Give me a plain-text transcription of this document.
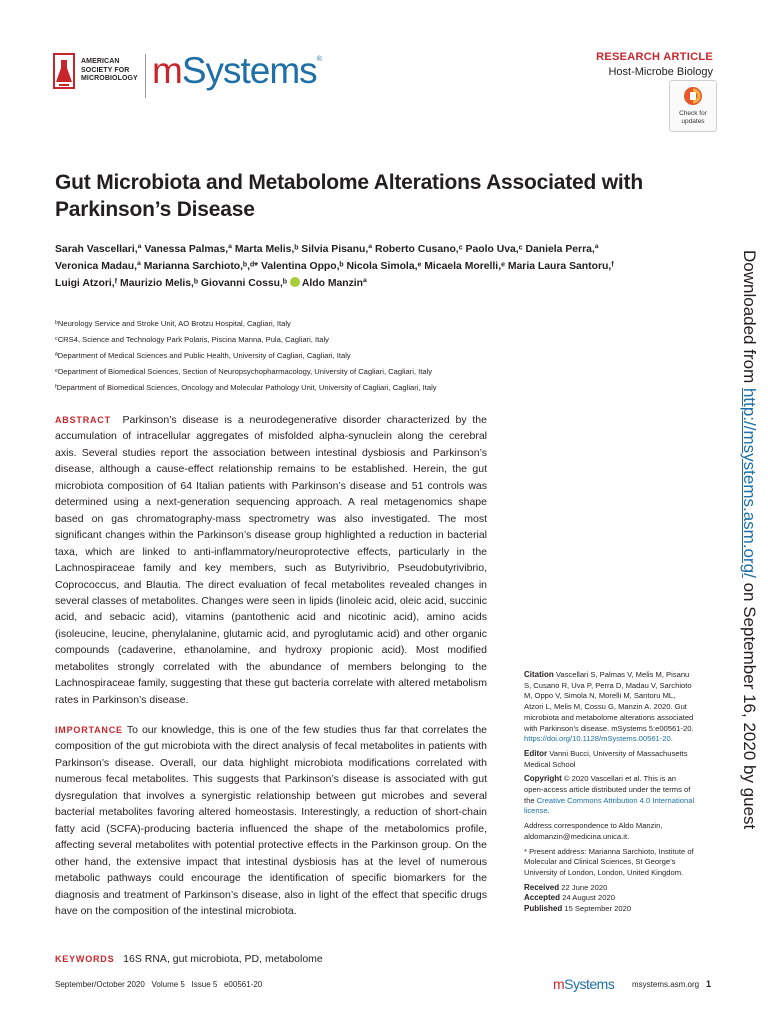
AMERICAN
SOCIETY FOR
MICROBIOLOGY mSystems®	RESEARCH ARTICLE
Host-Microbe Biology
Check for updates
Gut Microbiota and Metabolome Alterations Associated with Parkinson’s Disease
Sarah Vascellari,ª Vanessa Palmas,ª Marta Melis,ᵇ Silvia Pisanu,ª Roberto Cusano,ᶜ Paolo Uva,ᶜ Daniela Perra,ª
Veronica Madau,ª Marianna Sarchioto,ᵇ,ᵈ* Valentina Oppo,ᵇ Nicola Simola,ᵉ Micaela Morelli,ᵉ Maria Laura Santoru,ᶠ
Luigi Atzori,ᶠ Maurizio Melis,ᵇ Giovanni Cossu,ᵇ Aldo Manzinª
ᵇNeurology Service and Stroke Unit, AO Brotzu Hospital, Cagliari, Italy
ᶜCRS4, Science and Technology Park Polaris, Piscina Manna, Pula, Cagliari, Italy
ªDepartment of Medical Sciences and Public Health, University of Cagliari, Cagliari, Italy
ᵉDepartment of Biomedical Sciences, Section of Neuropsychopharmacology, University of Cagliari, Cagliari, Italy
ᶠDepartment of Biomedical Sciences, Oncology and Molecular Pathology Unit, University of Cagliari, Cagliari, Italy
ABSTRACT Parkinson’s disease is a neurodegenerative disorder characterized by the accumulation of intracellular aggregates of misfolded alpha-synuclein along the cerebral axis. Several studies report the association between intestinal dysbiosis and Parkinson’s disease, although a cause-effect relationship remains to be established. Herein, the gut microbiota composition of 64 Italian patients with Parkinson’s disease and 51 controls was determined using a next-generation sequencing approach. A real metagenomics shape based on gas chromatography-mass spectrometry was also investigated. The most significant changes within the Parkinson’s disease group highlighted a reduction in bacterial taxa, which are linked to anti-inflammatory/neuroprotective effects, particularly in the Lachnospiraceae family and key members, such as Butyrivibrio, Pseudobutyrivibrio, Coprococcus, and Blautia. The direct evaluation of fecal metabolites revealed changes in several classes of metabolites. Changes were seen in lipids (linoleic acid, oleic acid, succinic acid, and sebacic acid), vitamins (pantothenic acid and nicotinic acid), amino acids (isoleucine, leucine, phenylalanine, glutamic acid, and pyroglutamic acid) and other organic compounds (cadaverine, ethanolamine, and hydroxy propionic acid). Most modified metabolites strongly correlated with the abundance of members belonging to the Lachnospiraceae family, suggesting that these gut bacteria correlate with altered metabolism rates in Parkinson’s disease.
IMPORTANCE To our knowledge, this is one of the few studies thus far that correlates the composition of the gut microbiota with the direct analysis of fecal metabolites in patients with Parkinson’s disease. Overall, our data highlight microbiota modifications correlated with numerous fecal metabolites. This suggests that Parkinson’s disease is associated with gut dysregulation that involves a synergistic relationship between gut microbes and several bacterial metabolites favoring altered homeostasis. Interestingly, a reduction of short-chain fatty acid (SCFA)-producing bacteria influenced the shape of the metabolomics profile, affecting several metabolites with potential protective effects in the Parkinson group. On the other hand, the extensive impact that intestinal dysbiosis has at the level of numerous metabolic pathways could encourage the identification of specific biomarkers for the diagnosis and treatment of Parkinson’s disease, also in light of the effect that specific drugs have on the composition of the intestinal microbiota.
KEYWORDS 16S RNA, gut microbiota, PD, metabolome

Citation Vascellari S, Palmas V, Melis M, Pisanu S, Cusano R, Uva P, Perra D, Madau V, Sarchioto M, Oppo V, Simola N, Morelli M, Santoru ML, Atzori L, Melis M, Cossu G, Manzin A. 2020. Gut microbiota and metabolome alterations associated with Parkinson’s disease. mSystems 5:e00561-20. https://doi.org/10.1128/mSystems.00561-20.

Editor Vanni Bucci, University of Massachusetts Medical School

Copyright © 2020 Vascellari et al. This is an open-access article distributed under the terms of the Creative Commons Attribution 4.0 International license.

Address correspondence to Aldo Manzin, aldomanzin@medicina.unica.it.

* Present address: Marianna Sarchioto, Institute of Molecular and Clinical Sciences, St George’s University of London, London, United Kingdom.

Received 22 June 2020

Accepted 24 August 2020

Published 15 September 2020

Downloaded from http://msystems.asm.org/ on September 16, 2020 by guest
September/October 2020   Volume 5   Issue 5   e00561-20	mSystems msystems.asm.org 1
